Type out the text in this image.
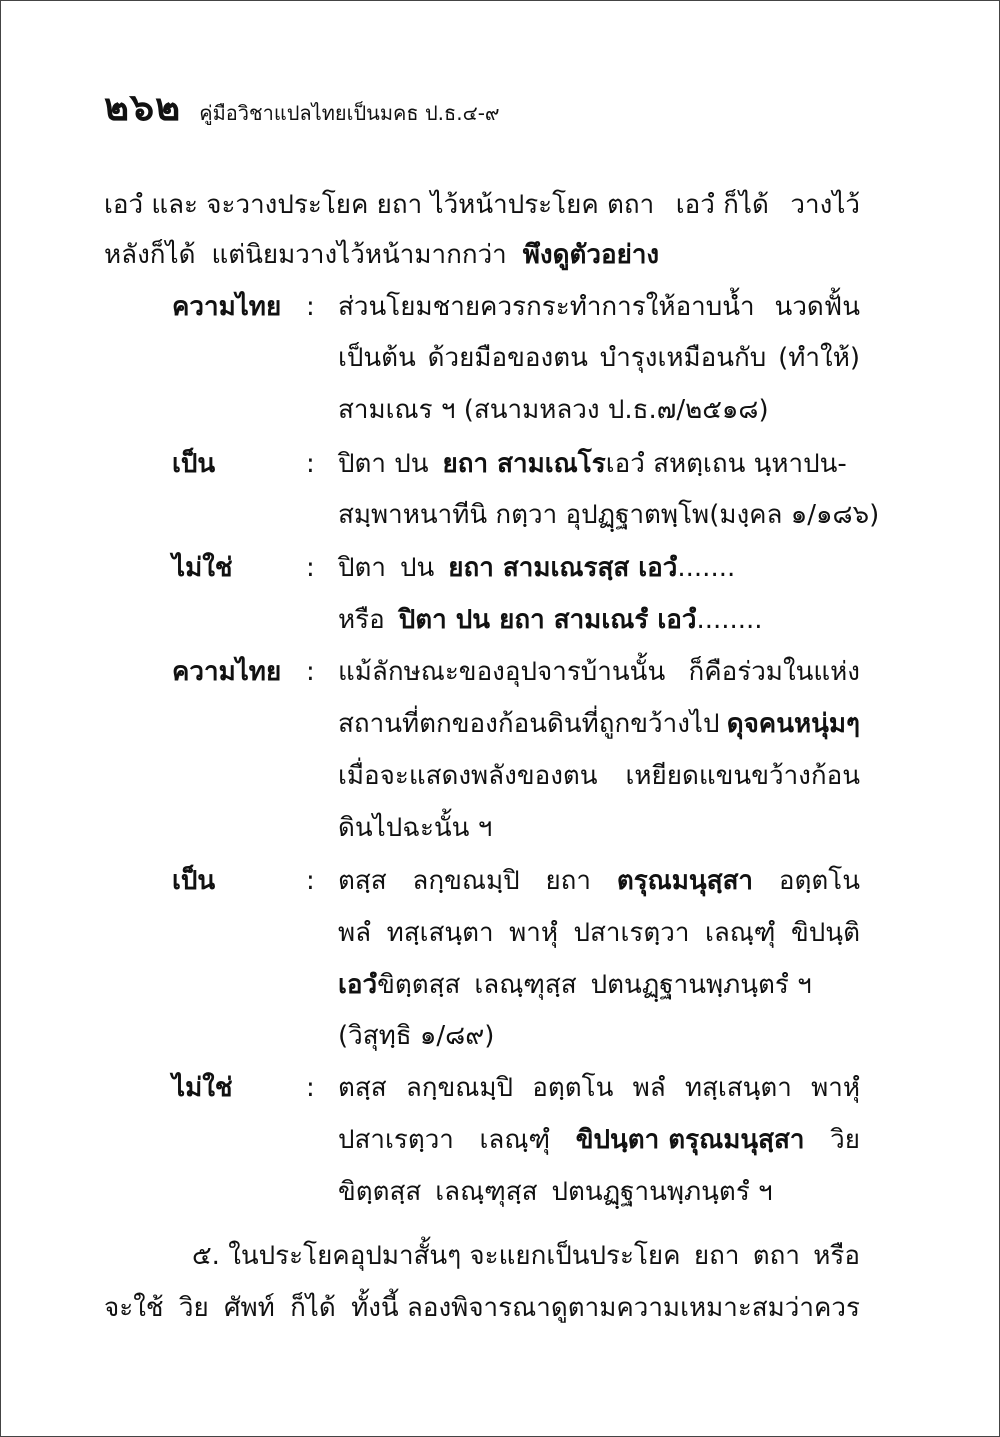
๒๖๒ คู่มือวิชาแปลไทยเป็นมคธ ป.ธ.๔-๙
เอวํ และ จะวางประโยค ยถา ไว้หน้าประโยค ตถา เอวํ ก็ได้ วางไว้
หลังก็ได้ แต่นิยมวางไว้หน้ามากกว่า พึงดูตัวอย่าง
ความไทย : ส่วนโยมชายควรกระทำการให้อาบน้ำ นวดฟั้น
เป็นต้น ด้วยมือของตน บำรุงเหมือนกับ (ทำให้)
สามเณร ฯ (สนามหลวง ป.ธ.๗/๒๕๑๘)
เป็น	: ปิตา ปน ยถา สามเณโร เอวํ สหตฺเถน นฺหาปน-
สมฺพาหนาทีนิ กตฺวา อุปฏฺฐาตพฺโพ (มงฺคล ๑/๑๘๖)
ไม่ใช่	: ปิตา ปน ยถา สามเณรสฺส เอวํ .......
หรือ ปิตา ปน ยถา สามเณรํ เอวํ ........
ความไทย : แม้ลักษณะของอุปจารบ้านนั้น ก็คือร่วมในแห่ง
สถานที่ตกของก้อนดินที่ถูกขว้างไป ดุจคนหนุ่มๆ
เมื่อจะแสดงพลังของตน เหยียดแขนขว้างก้อน
ดินไปฉะนั้น ฯ
เป็น	: ตสฺส ลกฺขณมฺปิ ยถา ตรุณมนุสฺสา อตฺตโน
พลํ ทสฺเสนฺตา พาหุํ ปสาเรตฺวา เลณฺฑุํ ขิปนฺติ
เอวํ ขิตฺตสฺส เลณฺฑุสฺส ปตนฏฺฐานพฺภนฺตรํ ฯ
(วิสุทฺธิ ๑/๘๙)
ไม่ใช่	: ตสฺส ลกฺขณมฺปิ อตฺตโน พลํ ทสฺเสนฺตา พาหุํ
ปสาเรตฺวา เลณฺฑุํ ขิปนฺตา ตรุณมนุสฺสา วิย
ขิตฺตสฺส เลณฺฑุสฺส ปตนฏฺฐานพฺภนฺตรํ ฯ
๕. ในประโยคอุปมาสั้นๆ จะแยกเป็นประโยค ยถา ตถา หรือ
จะใช้ วิย ศัพท์ ก็ได้ ทั้งนี้ ลองพิจารณาดูตามความเหมาะสมว่าควร
